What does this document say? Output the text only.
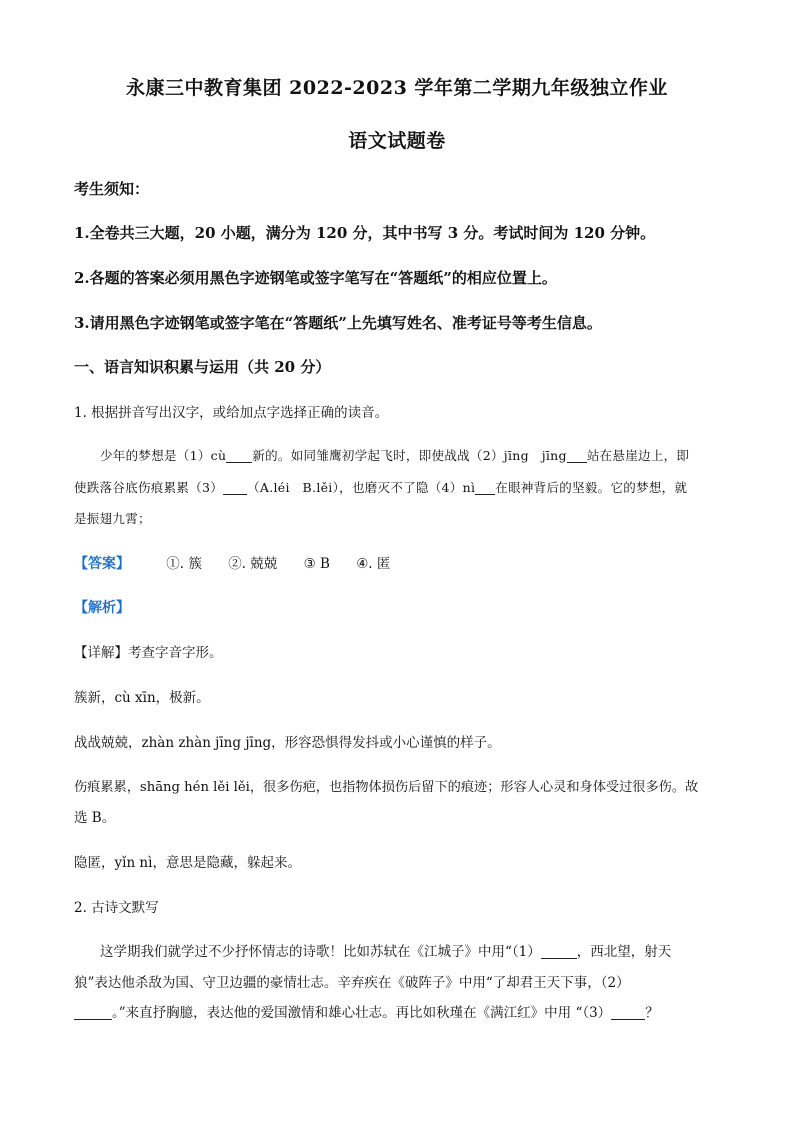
永康三中教育集团 2022-2023 学年第二学期九年级独立作业
语文试题卷
考生须知：
1.全卷共三大题，20 小题，满分为 120 分，其中书写 3 分。考试时间为 120 分钟。
2.各题的答案必须用黑色字迹钢笔或签字笔写在“答题纸”的相应位置上。
3.请用黑色字迹钢笔或签字笔在“答题纸”上先填写姓名、准考证号等考生信息。
一、语言知识积累与运用（共 20 分）
1. 根据拼音写出汉字，或给加点字选择正确的读音。
少年的梦想是（1）cù 新的。如同雏鹰初学起飞时，即使战战（2）jīng　jīng 站在悬崖边上，即
使跌落谷底伤痕累累（3） （A.léi　B.lěi），也磨灭不了隐（4）nì 在眼神背后的坚毅。它的梦想，就
是振翅九霄；
【答案】	①. 簇 ②. 兢兢 ③ B ④. 匿
【解析】
【详解】考查字音字形。
簇新，cù xīn，极新。
战战兢兢，zhàn zhàn jīng jīng，形容恐惧得发抖或小心谨慎的样子。
伤痕累累，shāng hén lěi lěi，很多伤疤，也指物体损伤后留下的痕迹；形容人心灵和身体受过很多伤。故
选 B。
隐匿，yǐn nì，意思是隐藏，躲起来。
2. 古诗文默写
这学期我们就学过不少抒怀情志的诗歌！比如苏轼在《江城子》中用“（1）	，西北望，射天
狼”表达他杀敌为国、守卫边疆的豪情壮志。辛弃疾在《破阵子》中用“了却君王天下事，（2）
。”来直抒胸臆，表达他的爱国激情和雄心壮志。再比如秋瑾在《满江红》中用 “（3）	？
